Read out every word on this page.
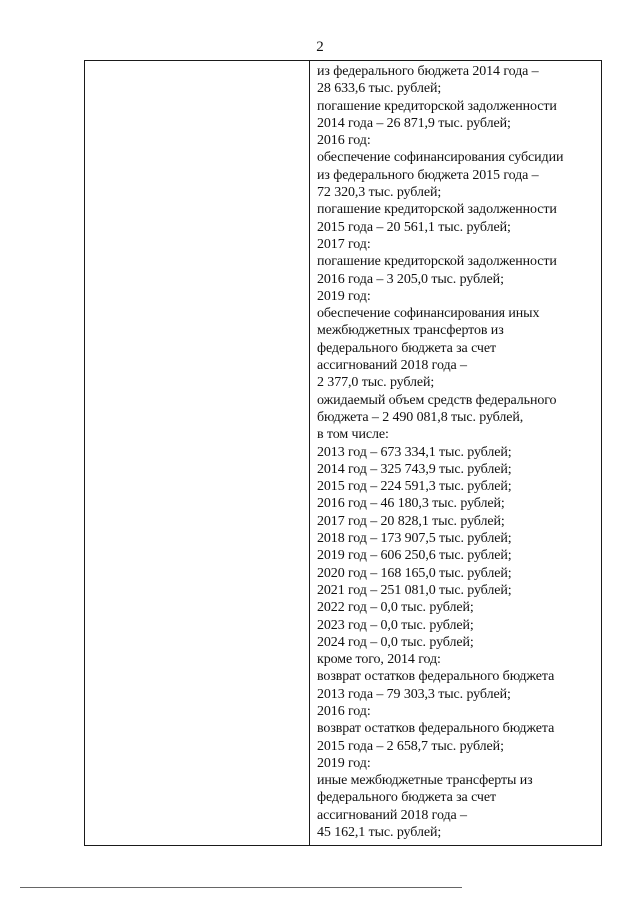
2
из федерального бюджета 2014 года –
28 633,6 тыс. рублей;
погашение кредиторской задолженности
2014 года – 26 871,9 тыс. рублей;
2016 год:
обеспечение софинансирования субсидии
из федерального бюджета 2015 года –
72 320,3 тыс. рублей;
погашение кредиторской задолженности
2015 года – 20 561,1 тыс. рублей;
2017 год:
погашение кредиторской задолженности
2016 года – 3 205,0 тыс. рублей;
2019 год:
обеспечение софинансирования иных
межбюджетных трансфертов из
федерального бюджета за счет
ассигнований 2018 года –
2 377,0 тыс. рублей;
ожидаемый объем средств федерального
бюджета – 2 490 081,8 тыс. рублей,
в том числе:
2013 год – 673 334,1 тыс. рублей;
2014 год – 325 743,9 тыс. рублей;
2015 год – 224 591,3 тыс. рублей;
2016 год – 46 180,3 тыс. рублей;
2017 год – 20 828,1 тыс. рублей;
2018 год – 173 907,5 тыс. рублей;
2019 год – 606 250,6 тыс. рублей;
2020 год – 168 165,0 тыс. рублей;
2021 год – 251 081,0 тыс. рублей;
2022 год – 0,0 тыс. рублей;
2023 год – 0,0 тыс. рублей;
2024 год – 0,0 тыс. рублей;
кроме того, 2014 год:
возврат остатков федерального бюджета
2013 года – 79 303,3 тыс. рублей;
2016 год:
возврат остатков федерального бюджета
2015 года – 2 658,7 тыс. рублей;
2019 год:
иные межбюджетные трансферты из
федерального бюджета за счет
ассигнований 2018 года –
45 162,1 тыс. рублей;
